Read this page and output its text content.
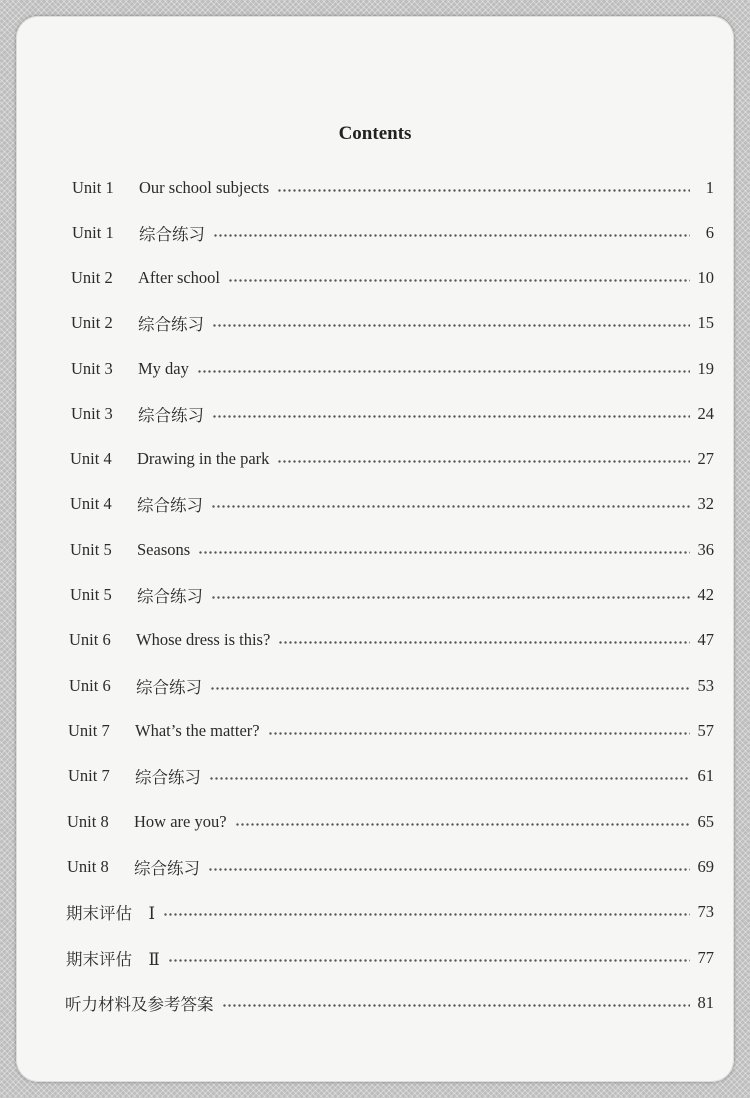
Contents
Unit 1	Our school subjects	1
Unit 1	综合练习	6
Unit 2	After school	10
Unit 2	综合练习	15
Unit 3	My day	19
Unit 3	综合练习	24
Unit 4	Drawing in the park	27
Unit 4	综合练习	32
Unit 5	Seasons	36
Unit 5	综合练习	42
Unit 6	Whose dress is this?	47
Unit 6	综合练习	53
Unit 7	What’s the matter?	57
Unit 7	综合练习	61
Unit 8	How are you?	65
Unit 8	综合练习	69
期末评估　Ⅰ	73
期末评估　Ⅱ	77
听力材料及参考答案	81
